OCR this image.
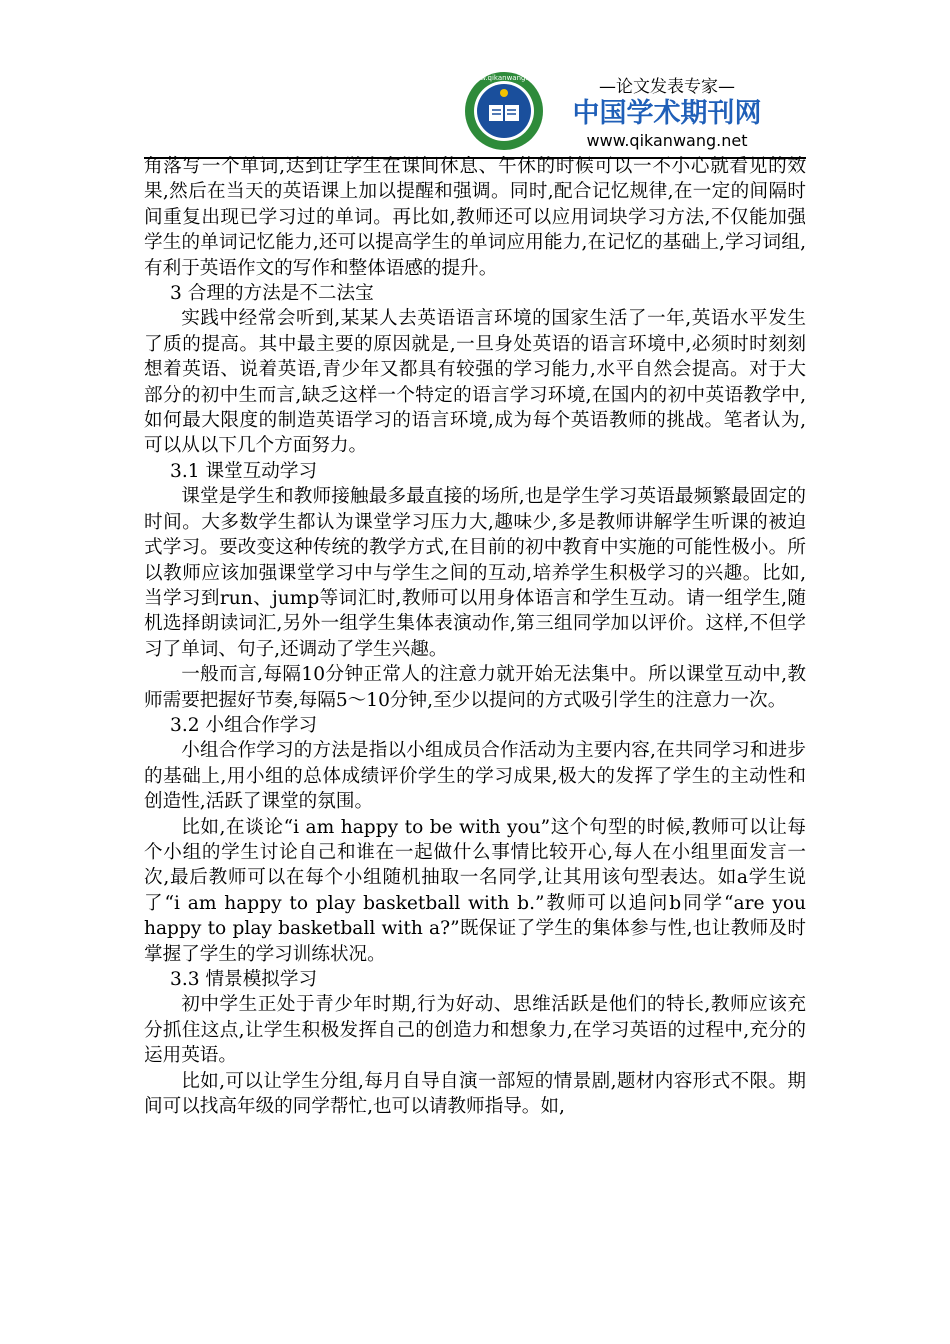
www.qikanwang.net	—论文发表专家—
中国学术期刊网
www.qikanwang.net

角落写一个单词,达到让学生在课间休息、午休的时候可以一不小心就看见的效果,然后在当天的英语课上加以提醒和强调。同时,配合记忆规律,在一定的间隔时间重复出现已学习过的单词。再比如,教师还可以应用词块学习方法,不仅能加强学生的单词记忆能力,还可以提高学生的单词应用能力,在记忆的基础上,学习词组,有利于英语作文的写作和整体语感的提升。

3 合理的方法是不二法宝

实践中经常会听到,某某人去英语语言环境的国家生活了一年,英语水平发生了质的提高。其中最主要的原因就是,一旦身处英语的语言环境中,必须时时刻刻想着英语、说着英语,青少年又都具有较强的学习能力,水平自然会提高。对于大部分的初中生而言,缺乏这样一个特定的语言学习环境,在国内的初中英语教学中,如何最大限度的制造英语学习的语言环境,成为每个英语教师的挑战。笔者认为,可以从以下几个方面努力。

3.1 课堂互动学习

课堂是学生和教师接触最多最直接的场所,也是学生学习英语最频繁最固定的时间。大多数学生都认为课堂学习压力大,趣味少,多是教师讲解学生听课的被迫式学习。要改变这种传统的教学方式,在目前的初中教育中实施的可能性极小。所以教师应该加强课堂学习中与学生之间的互动,培养学生积极学习的兴趣。比如,当学习到run、jump等词汇时,教师可以用身体语言和学生互动。请一组学生,随机选择朗读词汇,另外一组学生集体表演动作,第三组同学加以评价。这样,不但学习了单词、句子,还调动了学生兴趣。

一般而言,每隔10分钟正常人的注意力就开始无法集中。所以课堂互动中,教师需要把握好节奏,每隔5～10分钟,至少以提问的方式吸引学生的注意力一次。

3.2 小组合作学习

小组合作学习的方法是指以小组成员合作活动为主要内容,在共同学习和进步的基础上,用小组的总体成绩评价学生的学习成果,极大的发挥了学生的主动性和创造性,活跃了课堂的氛围。

比如,在谈论“i am happy to be with you”这个句型的时候,教师可以让每个小组的学生讨论自己和谁在一起做什么事情比较开心,每人在小组里面发言一次,最后教师可以在每个小组随机抽取一名同学,让其用该句型表达。如a学生说了“i am happy to play basketball with b.”教师可以追问b同学“are you happy to play basketball with a?”既保证了学生的集体参与性,也让教师及时掌握了学生的学习训练状况。

3.3 情景模拟学习

初中学生正处于青少年时期,行为好动、思维活跃是他们的特长,教师应该充分抓住这点,让学生积极发挥自己的创造力和想象力,在学习英语的过程中,充分的运用英语。

比如,可以让学生分组,每月自导自演一部短的情景剧,题材内容形式不限。期间可以找高年级的同学帮忙,也可以请教师指导。如,
